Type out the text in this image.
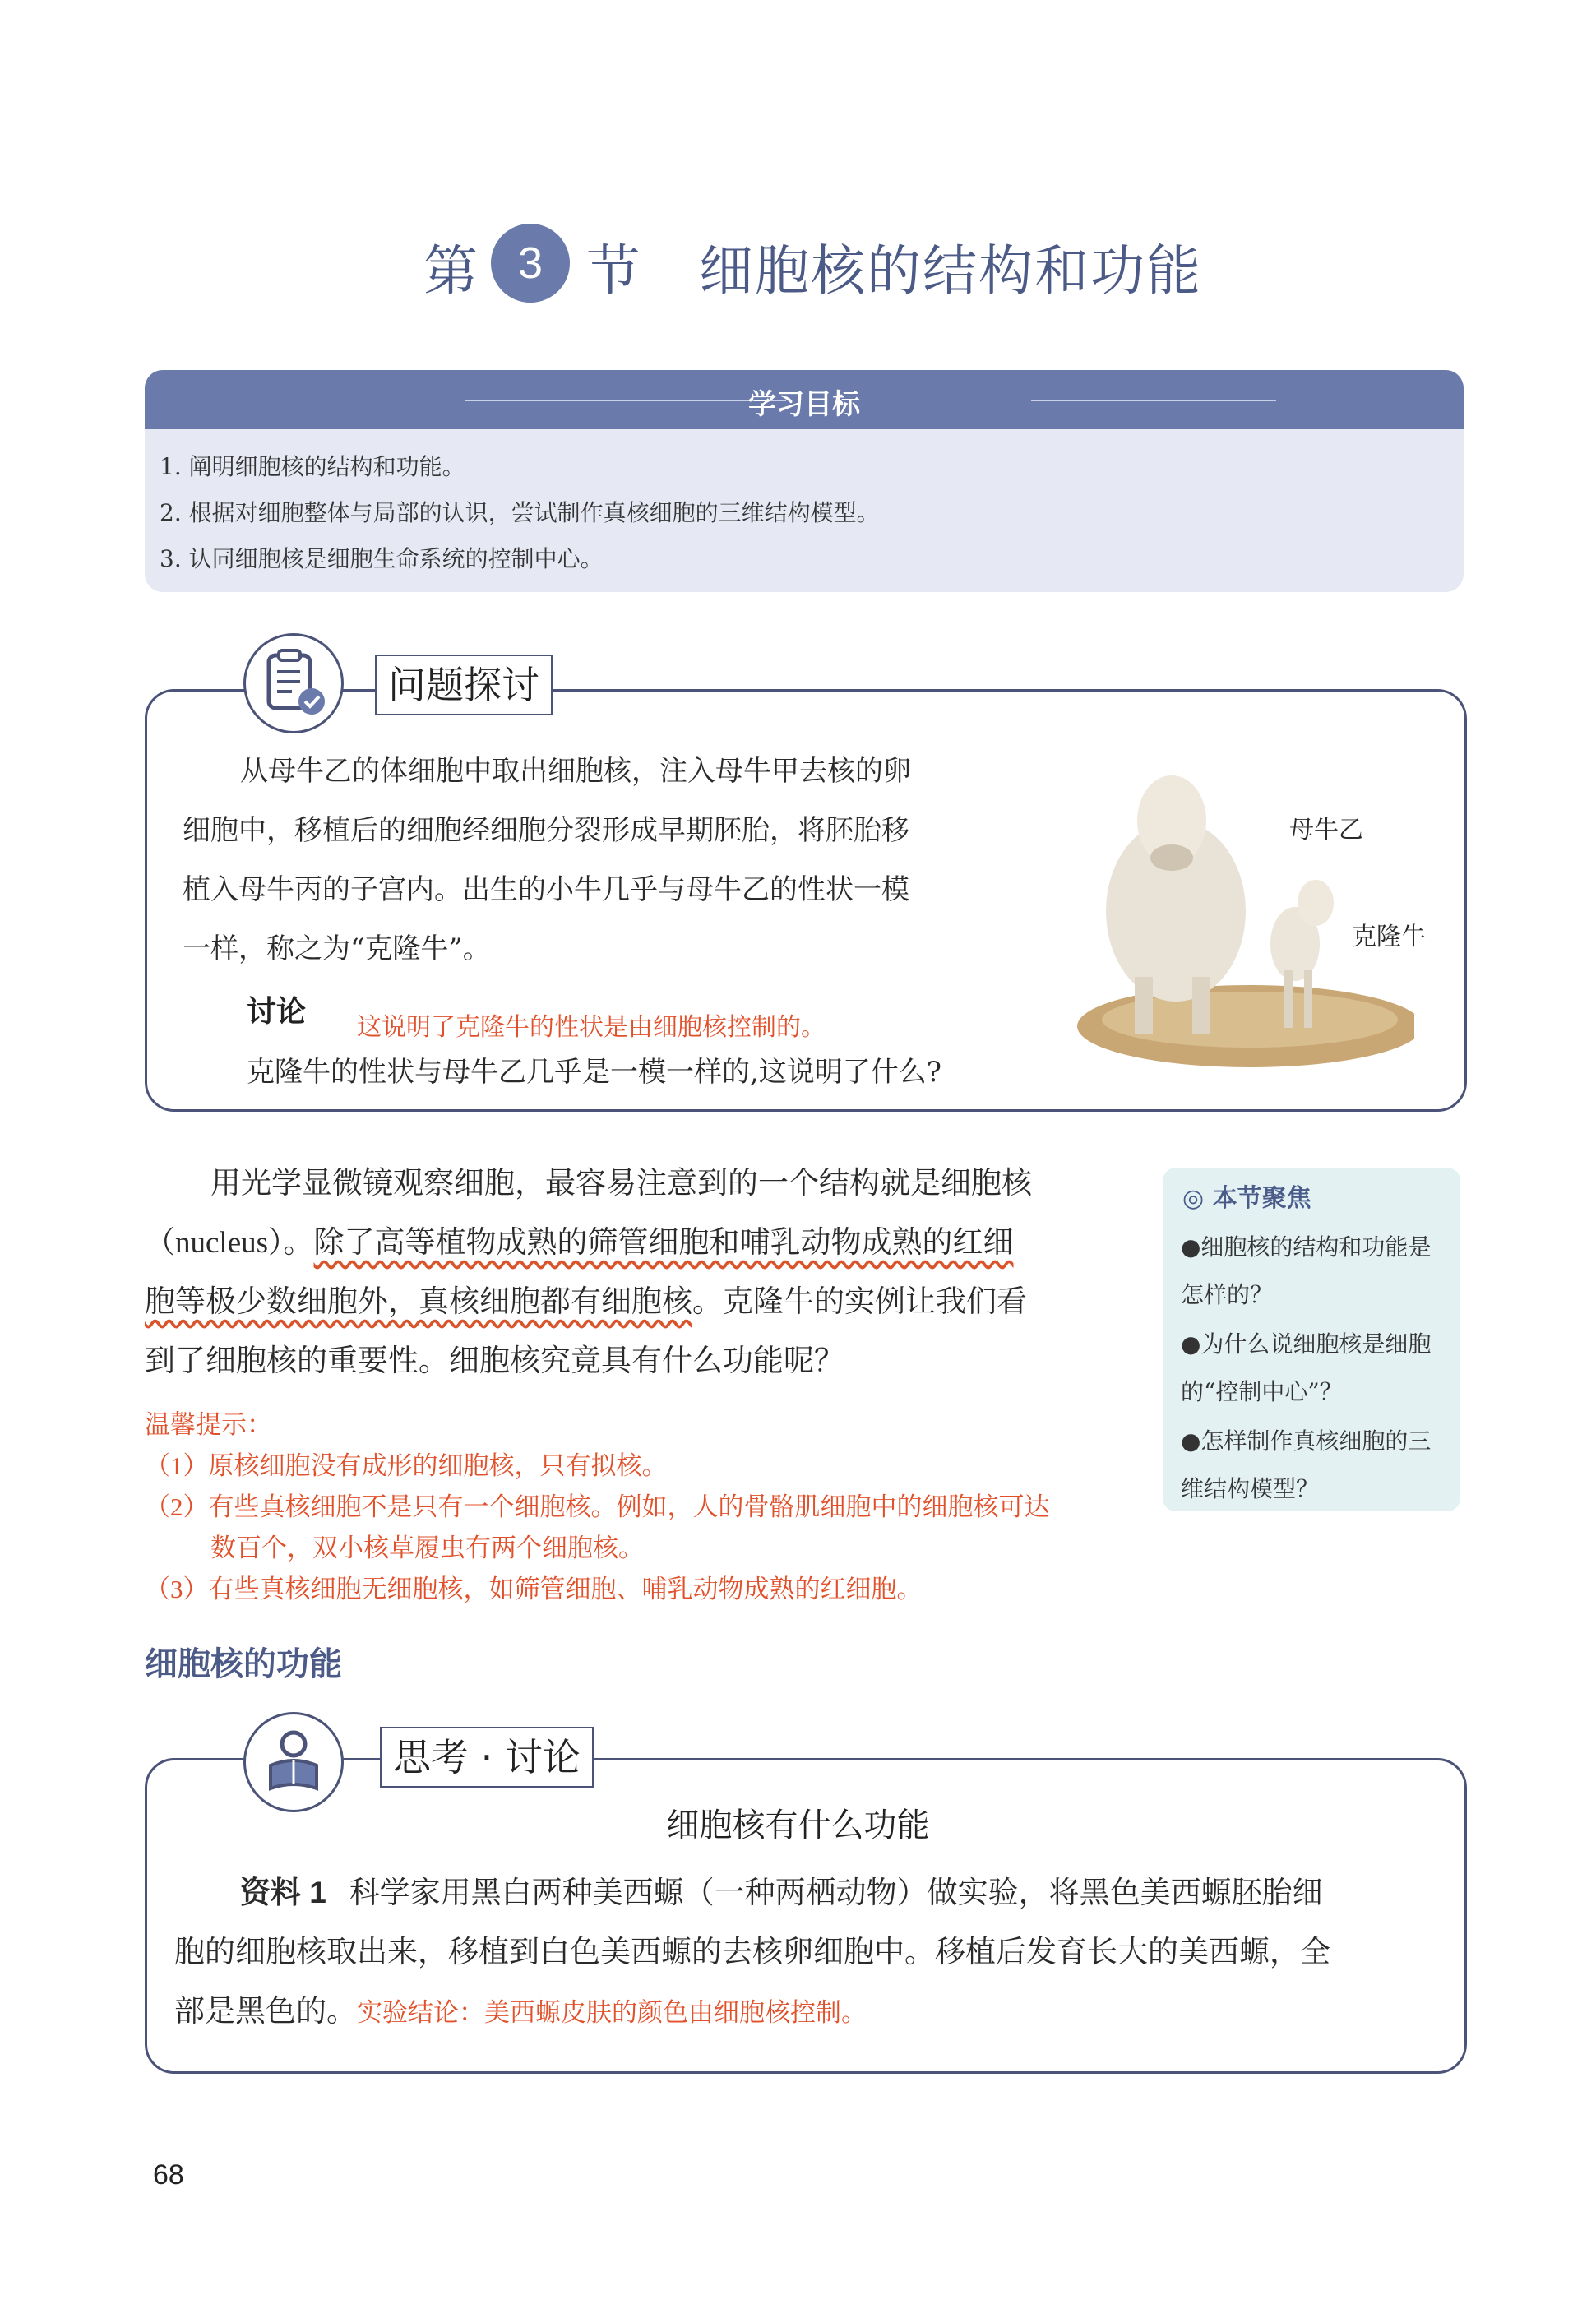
第 3 节 细胞核的结构和功能
学习目标
1. 阐明细胞核的结构和功能。
2. 根据对细胞整体与局部的认识，尝试制作真核细胞的三维结构模型。
3. 认同细胞核是细胞生命系统的控制中心。
问题探讨
从母牛乙的体细胞中取出细胞核，注入母牛甲去核的卵
细胞中，移植后的细胞经细胞分裂形成早期胚胎，将胚胎移
植入母牛丙的子宫内。出生的小牛几乎与母牛乙的性状一模
一样，称之为“克隆牛”。
讨论 这说明了克隆牛的性状是由细胞核控制的。
克隆牛的性状与母牛乙几乎是一模一样的,这说明了什么?
母牛乙
克隆牛
用光学显微镜观察细胞，最容易注意到的一个结构就是细胞核
（nucleus）。除了高等植物成熟的筛管细胞和哺乳动物成熟的红细
胞等极少数细胞外，真核细胞都有细胞核。克隆牛的实例让我们看
到了细胞核的重要性。细胞核究竟具有什么功能呢？
温馨提示：
（1）原核细胞没有成形的细胞核，只有拟核。
（2）有些真核细胞不是只有一个细胞核。例如，人的骨骼肌细胞中的细胞核可达
数百个，双小核草履虫有两个细胞核。
（3）有些真核细胞无细胞核，如筛管细胞、哺乳动物成熟的红细胞。
◎ 本节聚焦
●细胞核的结构和功能是怎样的？
●为什么说细胞核是细胞的“控制中心”？
●怎样制作真核细胞的三维结构模型？
细胞核的功能
思考 · 讨论
细胞核有什么功能
资料 1 科学家用黑白两种美西螈（一种两栖动物）做实验，将黑色美西螈胚胎细
胞的细胞核取出来，移植到白色美西螈的去核卵细胞中。移植后发育长大的美西螈，全
部是黑色的。实验结论：美西螈皮肤的颜色由细胞核控制。
68
